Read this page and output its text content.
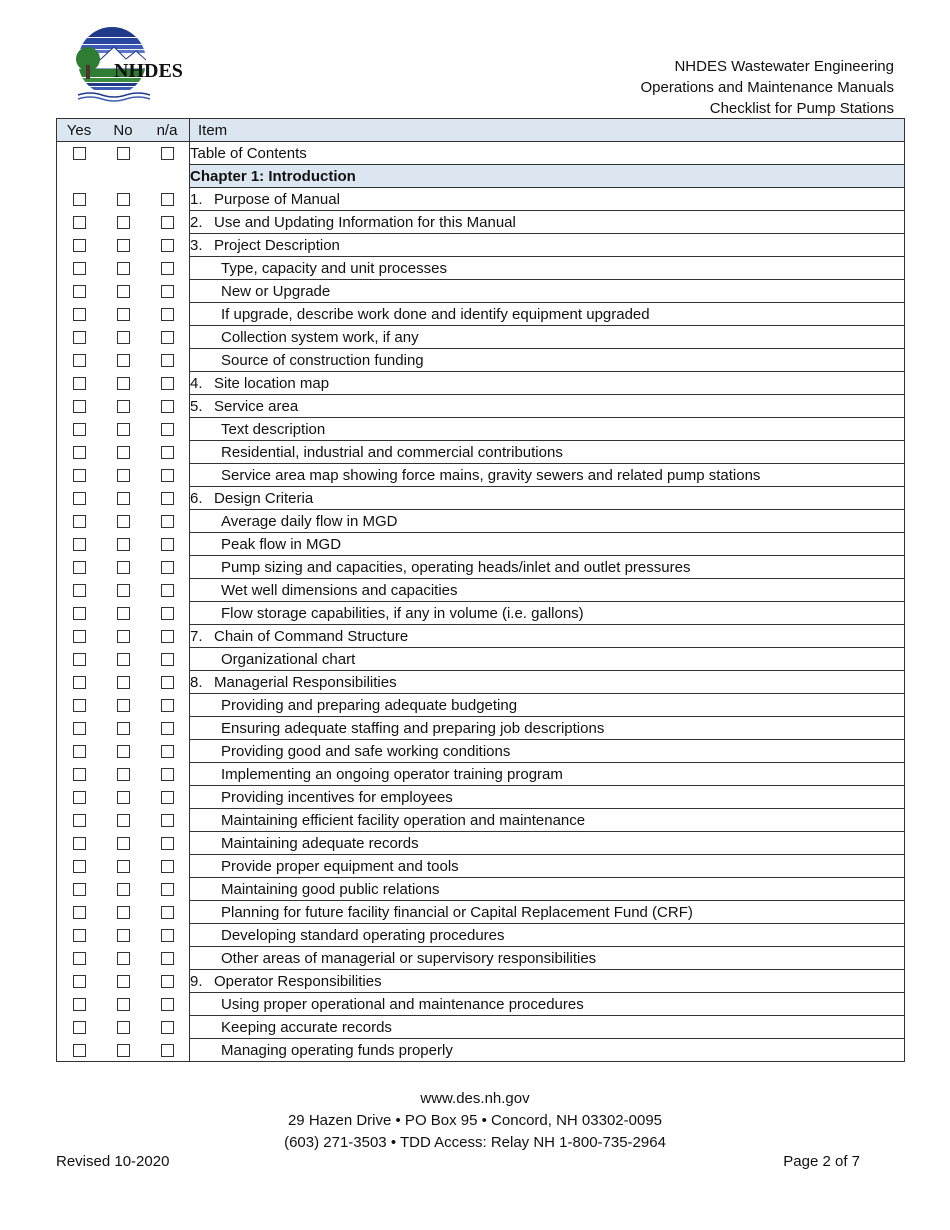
NHDES	NHDES Wastewater Engineering
Operations and Maintenance Manuals
Checklist for Pump Stations
Yes	No	n/a	Item
			Table of Contents
			Chapter 1: Introduction
			1. Purpose of Manual
			2. Use and Updating Information for this Manual
			3. Project Description
			Type, capacity and unit processes
			New or Upgrade
			If upgrade, describe work done and identify equipment upgraded
			Collection system work, if any
			Source of construction funding
			4. Site location map
			5. Service area
			Text description
			Residential, industrial and commercial contributions
			Service area map showing force mains, gravity sewers and related pump stations
			6. Design Criteria
			Average daily flow in MGD
			Peak flow in MGD
			Pump sizing and capacities, operating heads/inlet and outlet pressures
			Wet well dimensions and capacities
			Flow storage capabilities, if any in volume (i.e. gallons)
			7. Chain of Command Structure
			Organizational chart
			8. Managerial Responsibilities
			Providing and preparing adequate budgeting
			Ensuring adequate staffing and preparing job descriptions
			Providing good and safe working conditions
			Implementing an ongoing operator training program
			Providing incentives for employees
			Maintaining efficient facility operation and maintenance
			Maintaining adequate records
			Provide proper equipment and tools
			Maintaining good public relations
			Planning for future facility financial or Capital Replacement Fund (CRF)
			Developing standard operating procedures
			Other areas of managerial or supervisory responsibilities
			9. Operator Responsibilities
			Using proper operational and maintenance procedures
			Keeping accurate records
			Managing operating funds properly
www.des.nh.gov
29 Hazen Drive • PO Box 95 • Concord, NH 03302-0095
(603) 271-3503 • TDD Access: Relay NH 1-800-735-2964
Revised 10-2020	Page 2 of 7
